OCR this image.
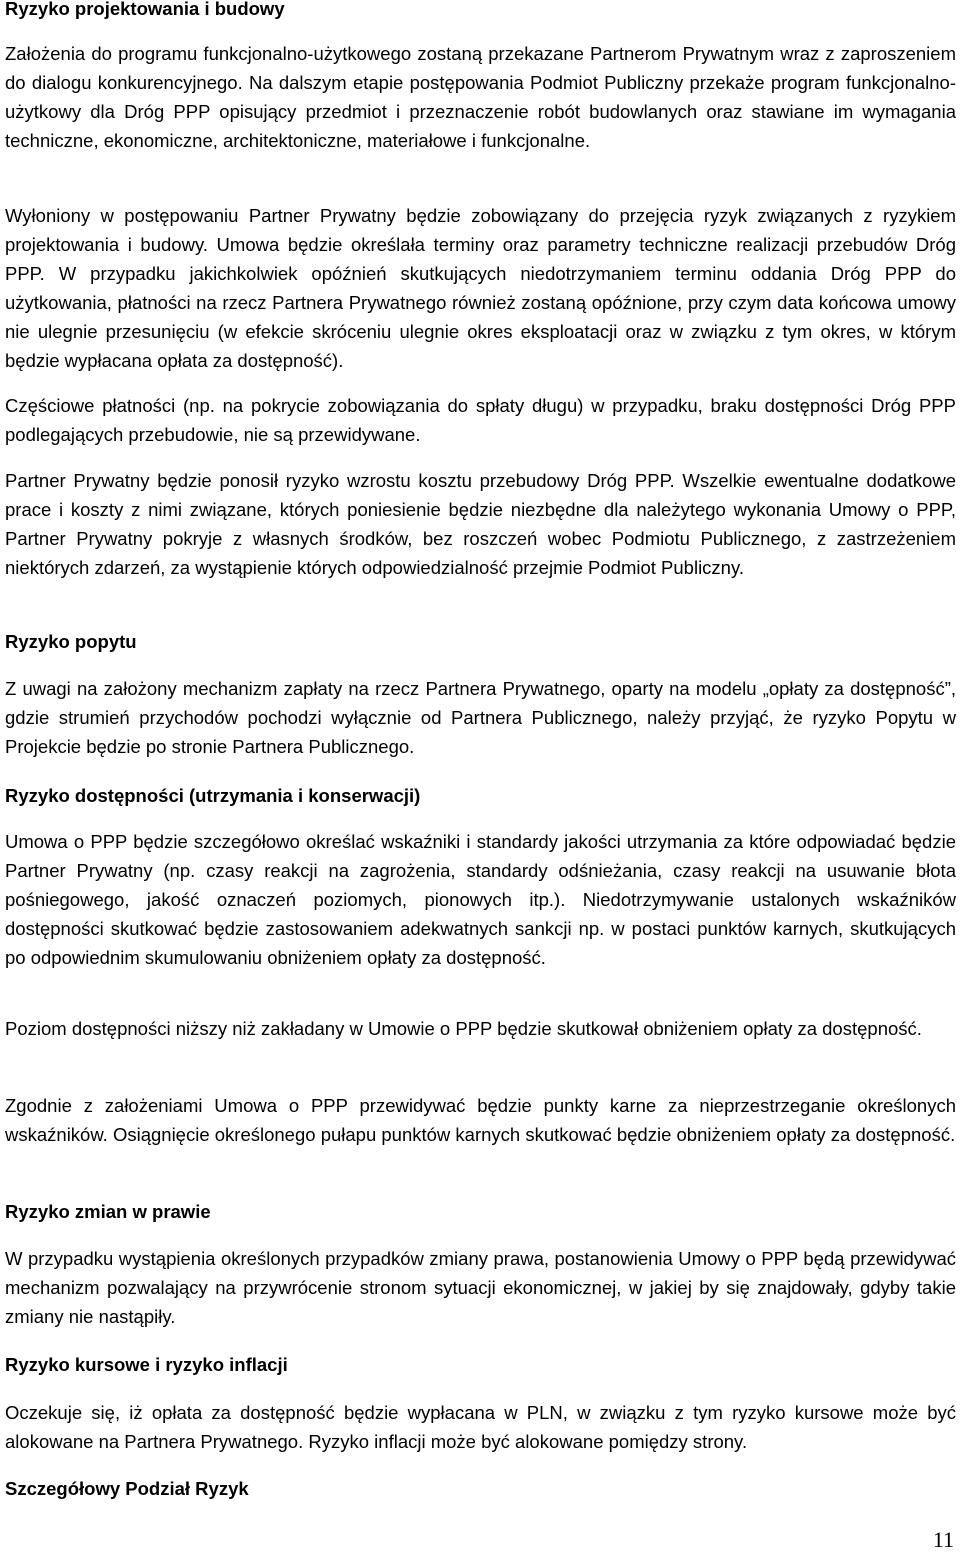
Ryzyko projektowania i budowy

Założenia do programu funkcjonalno-użytkowego zostaną przekazane Partnerom Prywatnym wraz z zaproszeniem do dialogu konkurencyjnego. Na dalszym etapie postępowania Podmiot Publiczny przekaże program funkcjonalno-użytkowy dla Dróg PPP opisujący przedmiot i przeznaczenie robót budowlanych oraz stawiane im wymagania techniczne, ekonomiczne, architektoniczne, materiałowe i funkcjonalne.

Wyłoniony w postępowaniu Partner Prywatny będzie zobowiązany do przejęcia ryzyk związanych z ryzykiem projektowania i budowy. Umowa będzie określała terminy oraz parametry techniczne realizacji przebudów Dróg PPP. W przypadku jakichkolwiek opóźnień skutkujących niedotrzymaniem terminu oddania Dróg PPP do użytkowania, płatności na rzecz Partnera Prywatnego również zostaną opóźnione, przy czym data końcowa umowy nie ulegnie przesunięciu (w efekcie skróceniu ulegnie okres eksploatacji oraz w związku z tym okres, w którym będzie wypłacana opłata za dostępność).

Częściowe płatności (np. na pokrycie zobowiązania do spłaty długu) w przypadku, braku dostępności Dróg PPP podlegających przebudowie, nie są przewidywane.

Partner Prywatny będzie ponosił ryzyko wzrostu kosztu przebudowy Dróg PPP. Wszelkie ewentualne dodatkowe prace i koszty z nimi związane, których poniesienie będzie niezbędne dla należytego wykonania Umowy o PPP, Partner Prywatny pokryje z własnych środków, bez roszczeń wobec Podmiotu Publicznego, z zastrzeżeniem niektórych zdarzeń, za wystąpienie których odpowiedzialność przejmie Podmiot Publiczny.

Ryzyko popytu

Z uwagi na założony mechanizm zapłaty na rzecz Partnera Prywatnego, oparty na modelu „opłaty za dostępność”, gdzie strumień przychodów pochodzi wyłącznie od Partnera Publicznego, należy przyjąć, że ryzyko Popytu w Projekcie będzie po stronie Partnera Publicznego.

Ryzyko dostępności (utrzymania i konserwacji)

Umowa o PPP będzie szczegółowo określać wskaźniki i standardy jakości utrzymania za które odpowiadać będzie Partner Prywatny (np. czasy reakcji na zagrożenia, standardy odśnieżania, czasy reakcji na usuwanie błota pośniegowego, jakość oznaczeń poziomych, pionowych itp.). Niedotrzymywanie ustalonych wskaźników dostępności skutkować będzie zastosowaniem adekwatnych sankcji np. w postaci punktów karnych, skutkujących po odpowiednim skumulowaniu obniżeniem opłaty za dostępność.

Poziom dostępności niższy niż zakładany w Umowie o PPP będzie skutkował obniżeniem opłaty za dostępność.

Zgodnie z założeniami Umowa o PPP przewidywać będzie punkty karne za nieprzestrzeganie określonych wskaźników. Osiągnięcie określonego pułapu punktów karnych skutkować będzie obniżeniem opłaty za dostępność.

Ryzyko zmian w prawie

W przypadku wystąpienia określonych przypadków zmiany prawa, postanowienia Umowy o PPP będą przewidywać mechanizm pozwalający na przywrócenie stronom sytuacji ekonomicznej, w jakiej by się znajdowały, gdyby takie zmiany nie nastąpiły.

Ryzyko kursowe i ryzyko inflacji

Oczekuje się, iż opłata za dostępność będzie wypłacana w PLN, w związku z tym ryzyko kursowe może być alokowane na Partnera Prywatnego. Ryzyko inflacji może być alokowane pomiędzy strony.

Szczegółowy Podział Ryzyk
11
